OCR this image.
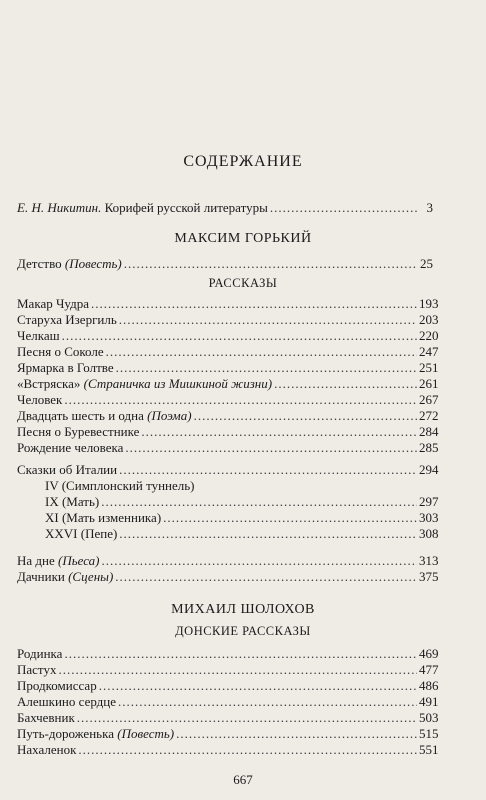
СОДЕРЖАНИЕ
Е. Н. Никитин. Корифей русской литературы .....	3
МАКСИМ ГОРЬКИЙ
Детство (Повесть) .....	25
РАССКАЗЫ
Макар Чудра .....	193
Старуха Изергиль .....	203
Челкаш .....	220
Песня о Соколе .....	247
Ярмарка в Голтве .....	251
«Встряска» (Страничка из Мишкиной жизни) .....	261
Человек .....	267
Двадцать шесть и одна (Поэма) .....	272
Песня о Буревестнике .....	284
Рождение человека .....	285
Сказки об Италии .....	294
IV (Симплонский туннель)
IX (Мать) .....	297
XI (Мать изменника) .....	303
XXVI (Пепе) .....	308
На дне (Пьеса) .....	313
Дачники (Сцены) .....	375
МИХАИЛ ШОЛОХОВ
ДОНСКИЕ РАССКАЗЫ
Родинка .....	469
Пастух .....	477
Продкомиссар .....	486
Алешкино сердце .....	491
Бахчевник .....	503
Путь-дороженька (Повесть) .....	515
Нахаленок .....	551
667
